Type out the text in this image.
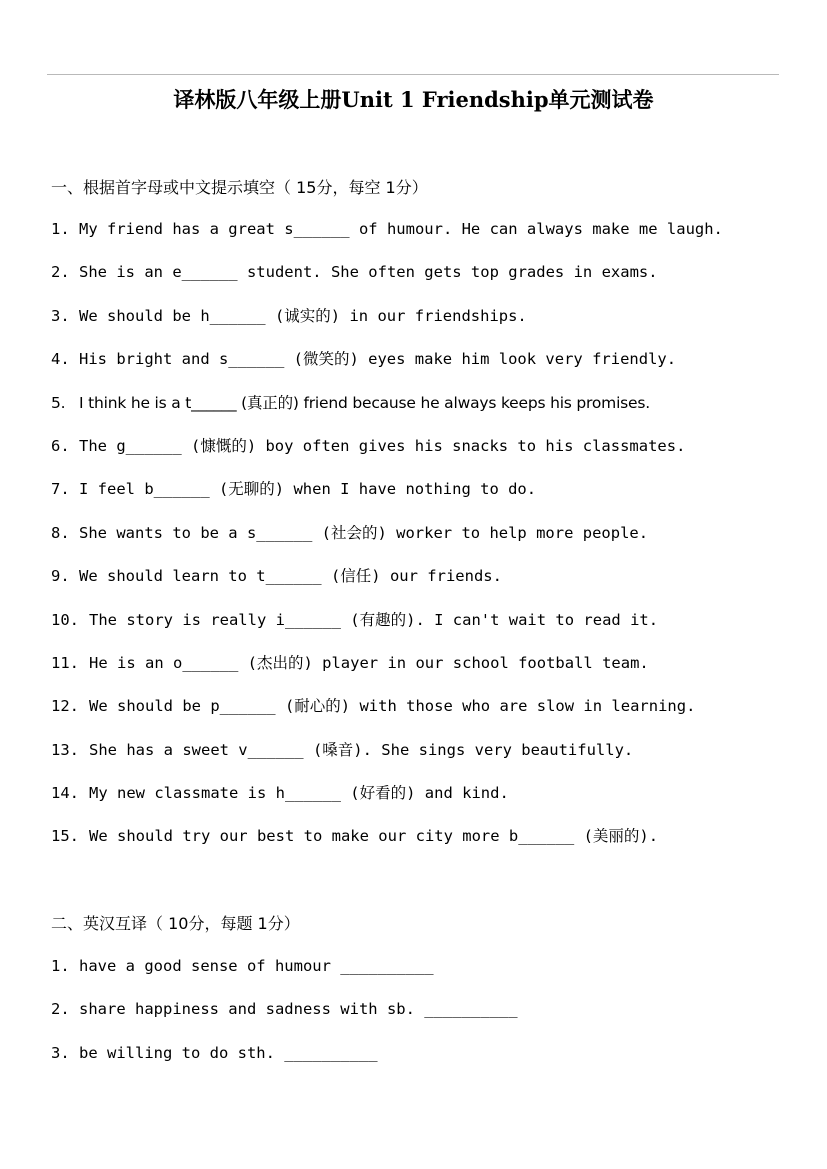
译林版八年级上册Unit 1 Friendship单元测试卷
一、根据首字母或中文提示填空（ 15分，每空 1分）
1. My friend has a great s______ of humour. He can always make me laugh.
2. She is an e______ student. She often gets top grades in exams.
3. We should be h______ (诚实的) in our friendships.
4. His bright and s______ (微笑的) eyes make him look very friendly.
5. I think he is a t______ (真正的) friend because he always keeps his promises.
6. The g______ (慷慨的) boy often gives his snacks to his classmates.
7. I feel b______ (无聊的) when I have nothing to do.
8. She wants to be a s______ (社会的) worker to help more people.
9. We should learn to t______ (信任) our friends.
10. The story is really i______ (有趣的). I can't wait to read it.
11. He is an o______ (杰出的) player in our school football team.
12. We should be p______ (耐心的) with those who are slow in learning.
13. She has a sweet v______ (嗓音). She sings very beautifully.
14. My new classmate is h______ (好看的) and kind.
15. We should try our best to make our city more b______ (美丽的).
二、英汉互译（ 10分，每题 1分）
1. have a good sense of humour __________
2. share happiness and sadness with sb. __________
3. be willing to do sth. __________
